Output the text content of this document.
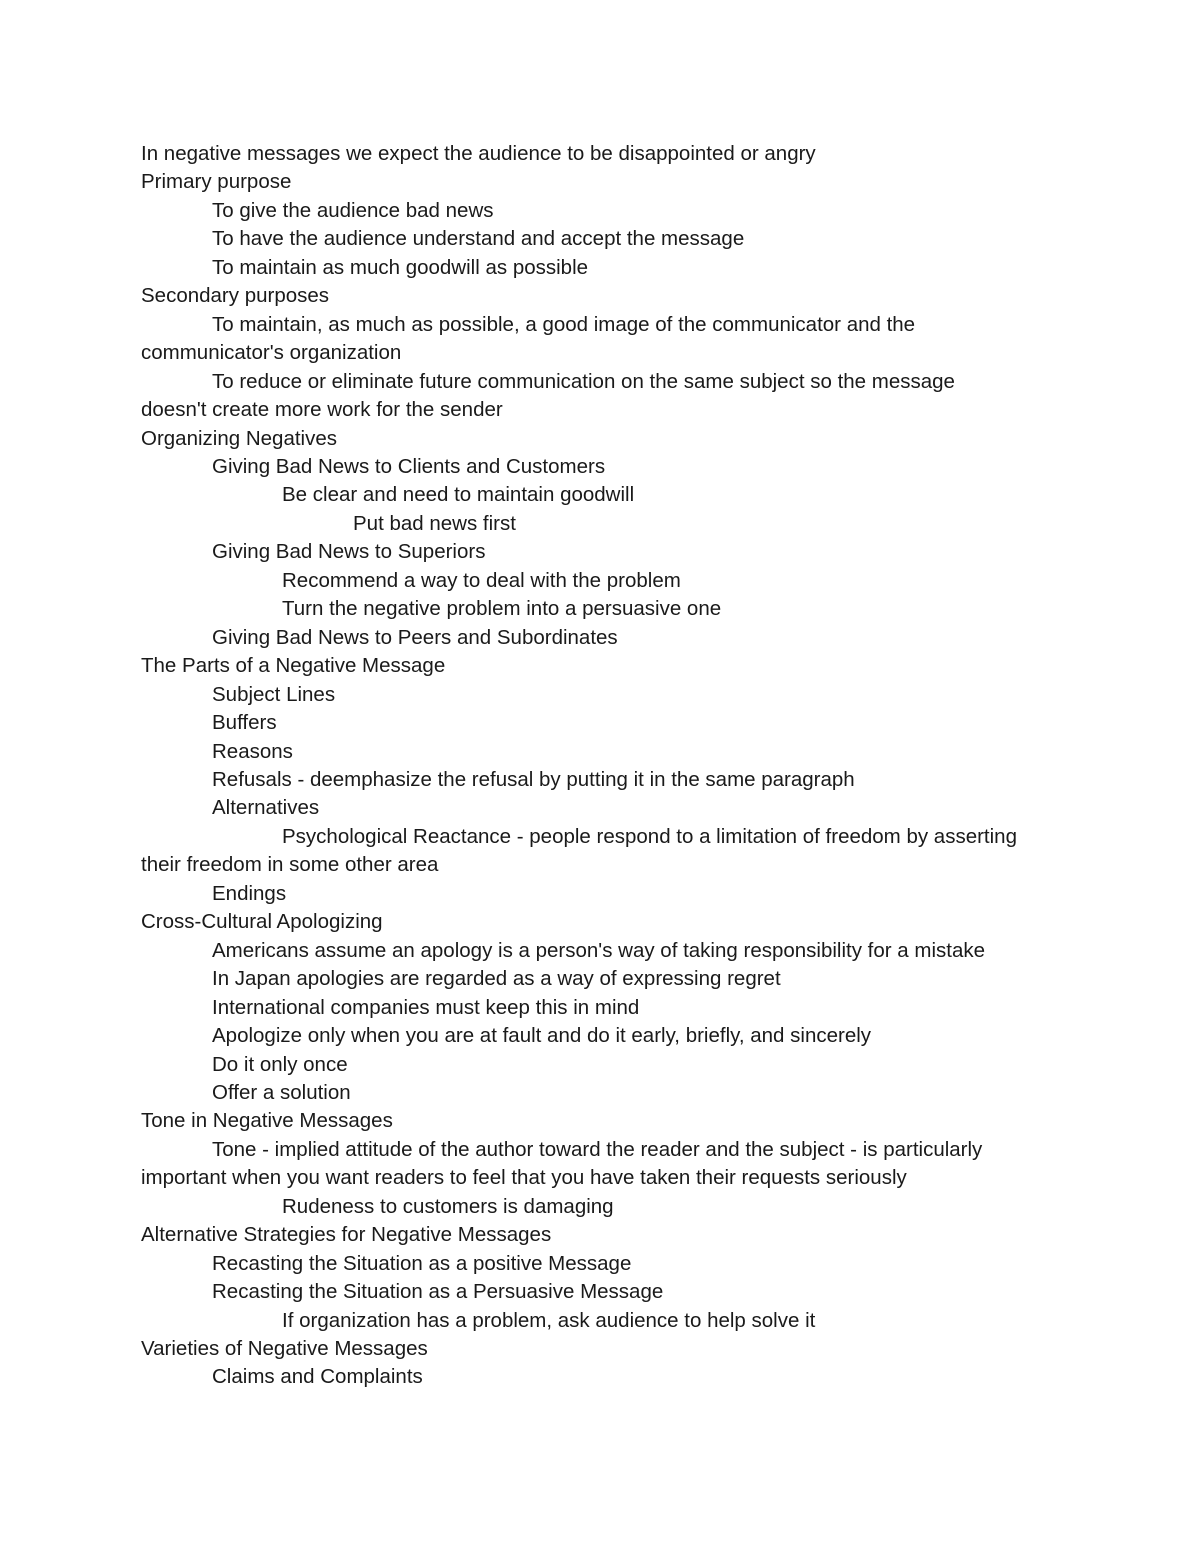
In negative messages we expect the audience to be disappointed or angry

Primary purpose

To give the audience bad news

To have the audience understand and accept the message

To maintain as much goodwill as possible

Secondary purposes

To maintain, as much as possible, a good image of the communicator and the

communicator's organization

To reduce or eliminate future communication on the same subject so the message

doesn't create more work for the sender

Organizing Negatives

Giving Bad News to Clients and Customers

Be clear and need to maintain goodwill

Put bad news first

Giving Bad News to Superiors

Recommend a way to deal with the problem

Turn the negative problem into a persuasive one

Giving Bad News to Peers and Subordinates

The Parts of a Negative Message

Subject Lines

Buffers

Reasons

Refusals - deemphasize the refusal by putting it in the same paragraph

Alternatives

Psychological Reactance - people respond to a limitation of freedom by asserting

their freedom in some other area

Endings

Cross-Cultural Apologizing

Americans assume an apology is a person's way of taking responsibility for a mistake

In Japan apologies are regarded as a way of expressing regret

International companies must keep this in mind

Apologize only when you are at fault and do it early, briefly, and sincerely

Do it only once

Offer a solution

Tone in Negative Messages

Tone - implied attitude of the author toward the reader and the subject - is particularly

important when you want readers to feel that you have taken their requests seriously

Rudeness to customers is damaging

Alternative Strategies for Negative Messages

Recasting the Situation as a positive Message

Recasting the Situation as a Persuasive Message

If organization has a problem, ask audience to help solve it

Varieties of Negative Messages

Claims and Complaints
